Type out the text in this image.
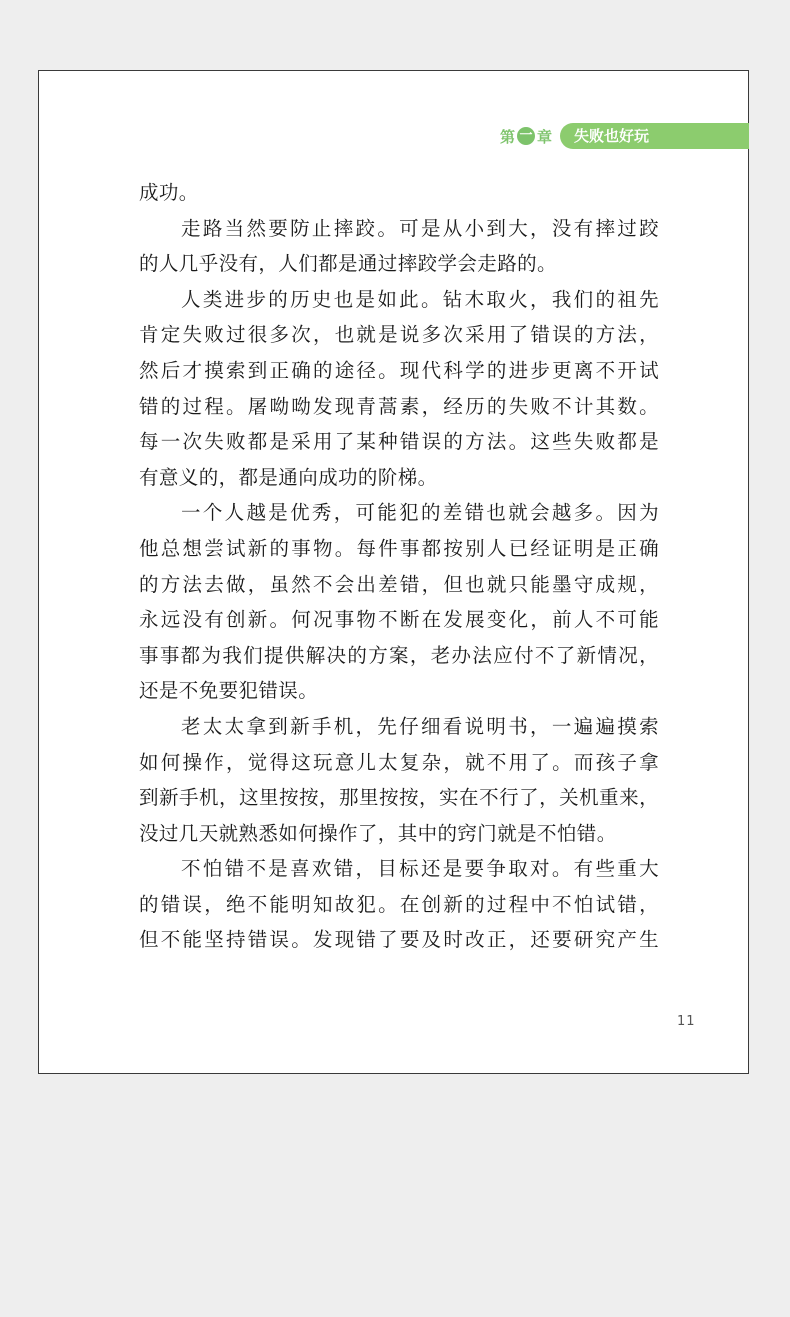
第 一 章	失败也好玩
成功。
走路当然要防止摔跤。可是从小到大，没有摔过跤
的人几乎没有，人们都是通过摔跤学会走路的。
人类进步的历史也是如此。钻木取火，我们的祖先
肯定失败过很多次，也就是说多次采用了错误的方法，
然后才摸索到正确的途径。现代科学的进步更离不开试
错的过程。屠呦呦发现青蒿素，经历的失败不计其数。
每一次失败都是采用了某种错误的方法。这些失败都是
有意义的，都是通向成功的阶梯。
一个人越是优秀，可能犯的差错也就会越多。因为
他总想尝试新的事物。每件事都按别人已经证明是正确
的方法去做，虽然不会出差错，但也就只能墨守成规，
永远没有创新。何况事物不断在发展变化，前人不可能
事事都为我们提供解决的方案，老办法应付不了新情况，
还是不免要犯错误。
老太太拿到新手机，先仔细看说明书，一遍遍摸索
如何操作，觉得这玩意儿太复杂，就不用了。而孩子拿
到新手机，这里按按，那里按按，实在不行了，关机重来，
没过几天就熟悉如何操作了，其中的窍门就是不怕错。
不怕错不是喜欢错，目标还是要争取对。有些重大
的错误，绝不能明知故犯。在创新的过程中不怕试错，
但不能坚持错误。发现错了要及时改正，还要研究产生
11
